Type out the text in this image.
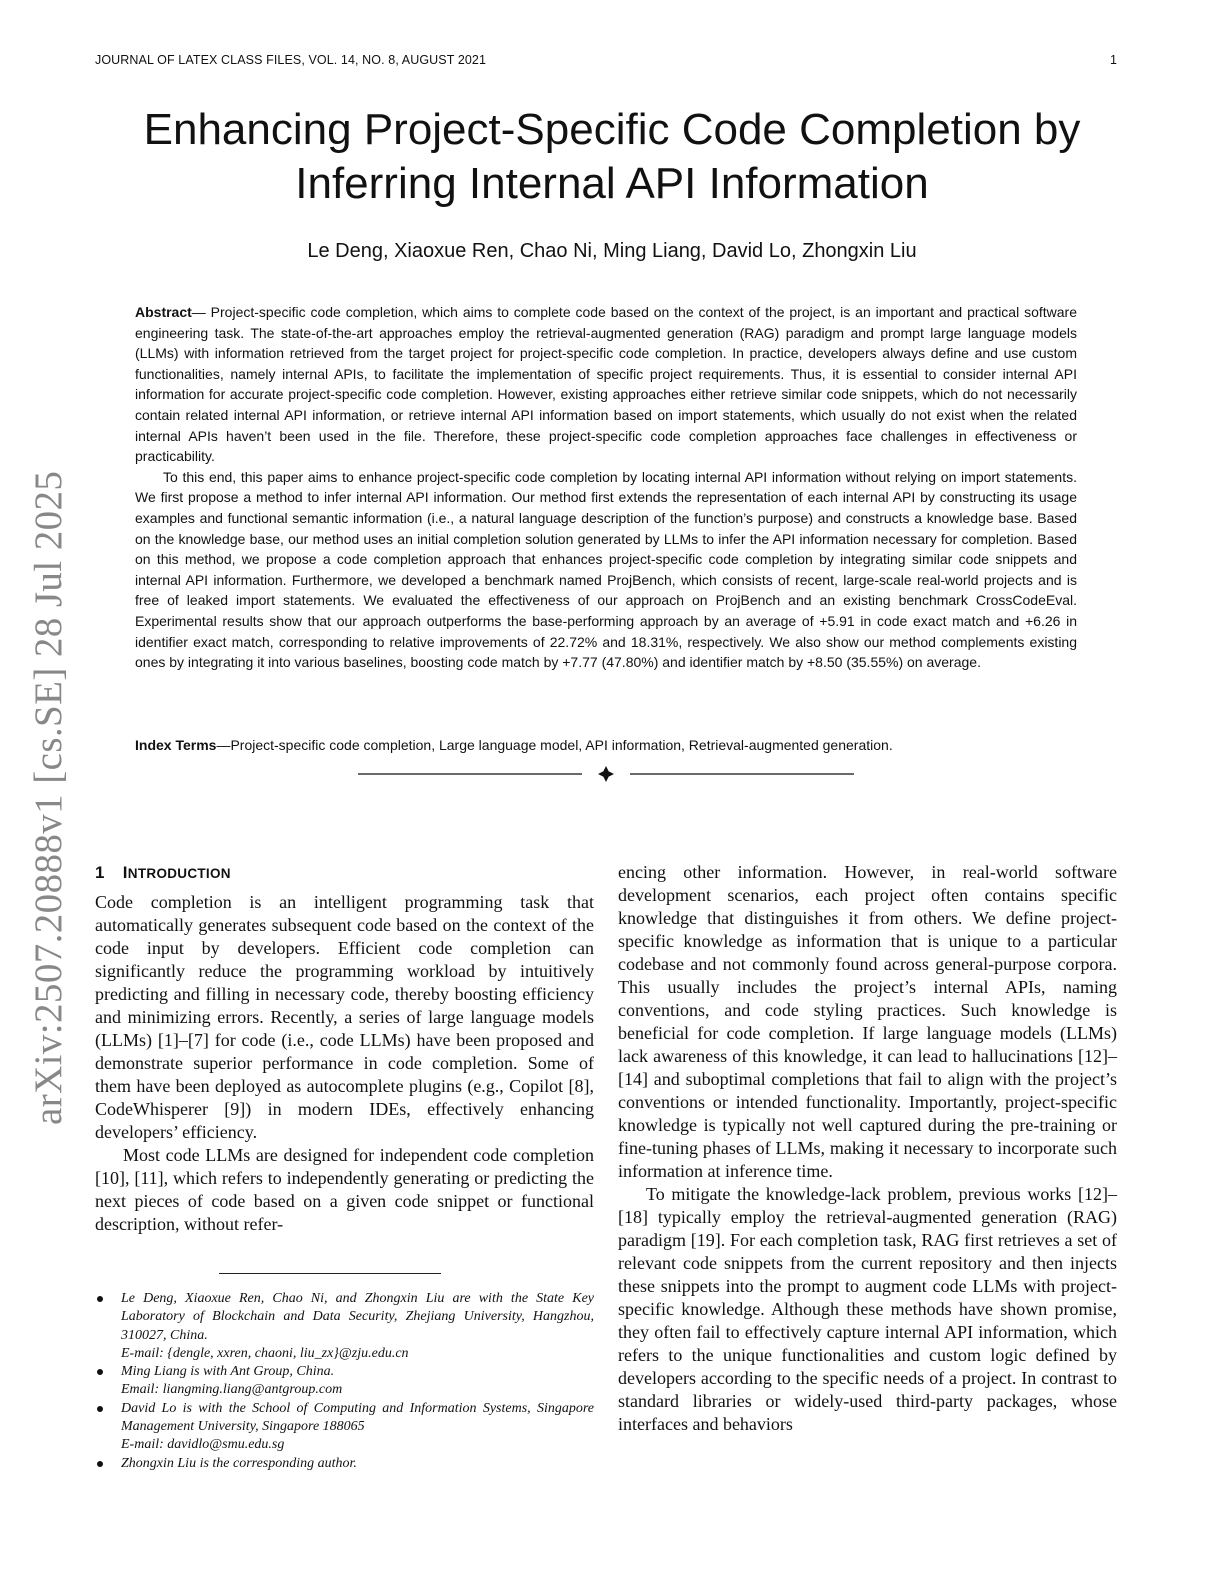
JOURNAL OF LATEX CLASS FILES, VOL. 14, NO. 8, AUGUST 2021	1
arXiv:2507.20888v1 [cs.SE] 28 Jul 2025
Enhancing Project-Specific Code Completion by Inferring Internal API Information
Le Deng, Xiaoxue Ren, Chao Ni, Ming Liang, David Lo, Zhongxin Liu

Abstract— Project-specific code completion, which aims to complete code based on the context of the project, is an important and practical software engineering task. The state-of-the-art approaches employ the retrieval-augmented generation (RAG) paradigm and prompt large language models (LLMs) with information retrieved from the target project for project-specific code completion. In practice, developers always define and use custom functionalities, namely internal APIs, to facilitate the implementation of specific project requirements. Thus, it is essential to consider internal API information for accurate project-specific code completion. However, existing approaches either retrieve similar code snippets, which do not necessarily contain related internal API information, or retrieve internal API information based on import statements, which usually do not exist when the related internal APIs haven’t been used in the file. Therefore, these project-specific code completion approaches face challenges in effectiveness or practicability.

To this end, this paper aims to enhance project-specific code completion by locating internal API information without relying on import statements. We first propose a method to infer internal API information. Our method first extends the representation of each internal API by constructing its usage examples and functional semantic information (i.e., a natural language description of the function’s purpose) and constructs a knowledge base. Based on the knowledge base, our method uses an initial completion solution generated by LLMs to infer the API information necessary for completion. Based on this method, we propose a code completion approach that enhances project-specific code completion by integrating similar code snippets and internal API information. Furthermore, we developed a benchmark named ProjBench, which consists of recent, large-scale real-world projects and is free of leaked import statements. We evaluated the effectiveness of our approach on ProjBench and an existing benchmark CrossCodeEval. Experimental results show that our approach outperforms the base-performing approach by an average of +5.91 in code exact match and +6.26 in identifier exact match, corresponding to relative improvements of 22.72% and 18.31%, respectively. We also show our method complements existing ones by integrating it into various baselines, boosting code match by +7.77 (47.80%) and identifier match by +8.50 (35.55%) on average.

Index Terms—Project-specific code completion, Large language model, API information, Retrieval-augmented generation.
1 INTRODUCTION

Code completion is an intelligent programming task that automatically generates subsequent code based on the context of the code input by developers. Efficient code completion can significantly reduce the programming workload by intuitively predicting and filling in necessary code, thereby boosting efficiency and minimizing errors. Recently, a series of large language models (LLMs) [1]–[7] for code (i.e., code LLMs) have been proposed and demonstrate superior performance in code completion. Some of them have been deployed as autocomplete plugins (e.g., Copilot [8], CodeWhisperer [9]) in modern IDEs, effectively enhancing developers’ efficiency.

Most code LLMs are designed for independent code completion [10], [11], which refers to independently generating or predicting the next pieces of code based on a given code snippet or functional description, without refer-

Le Deng, Xiaoxue Ren, Chao Ni, and Zhongxin Liu are with the State Key Laboratory of Blockchain and Data Security, Zhejiang University, Hangzhou, 310027, China.
E-mail: {dengle, xxren, chaoni, liu_zx}@zju.edu.cn
Ming Liang is with Ant Group, China.
Email: liangming.liang@antgroup.com
David Lo is with the School of Computing and Information Systems, Singapore Management University, Singapore 188065
E-mail: davidlo@smu.edu.sg
Zhongxin Liu is the corresponding author.

encing other information. However, in real-world software development scenarios, each project often contains specific knowledge that distinguishes it from others. We define project-specific knowledge as information that is unique to a particular codebase and not commonly found across general-purpose corpora. This usually includes the project’s internal APIs, naming conventions, and code styling practices. Such knowledge is beneficial for code completion. If large language models (LLMs) lack awareness of this knowledge, it can lead to hallucinations [12]–[14] and suboptimal completions that fail to align with the project’s conventions or intended functionality. Importantly, project-specific knowledge is typically not well captured during the pre-training or fine-tuning phases of LLMs, making it necessary to incorporate such information at inference time.

To mitigate the knowledge-lack problem, previous works [12]–[18] typically employ the retrieval-augmented generation (RAG) paradigm [19]. For each completion task, RAG first retrieves a set of relevant code snippets from the current repository and then injects these snippets into the prompt to augment code LLMs with project-specific knowledge. Although these methods have shown promise, they often fail to effectively capture internal API information, which refers to the unique functionalities and custom logic defined by developers according to the specific needs of a project. In contrast to standard libraries or widely-used third-party packages, whose interfaces and behaviors
